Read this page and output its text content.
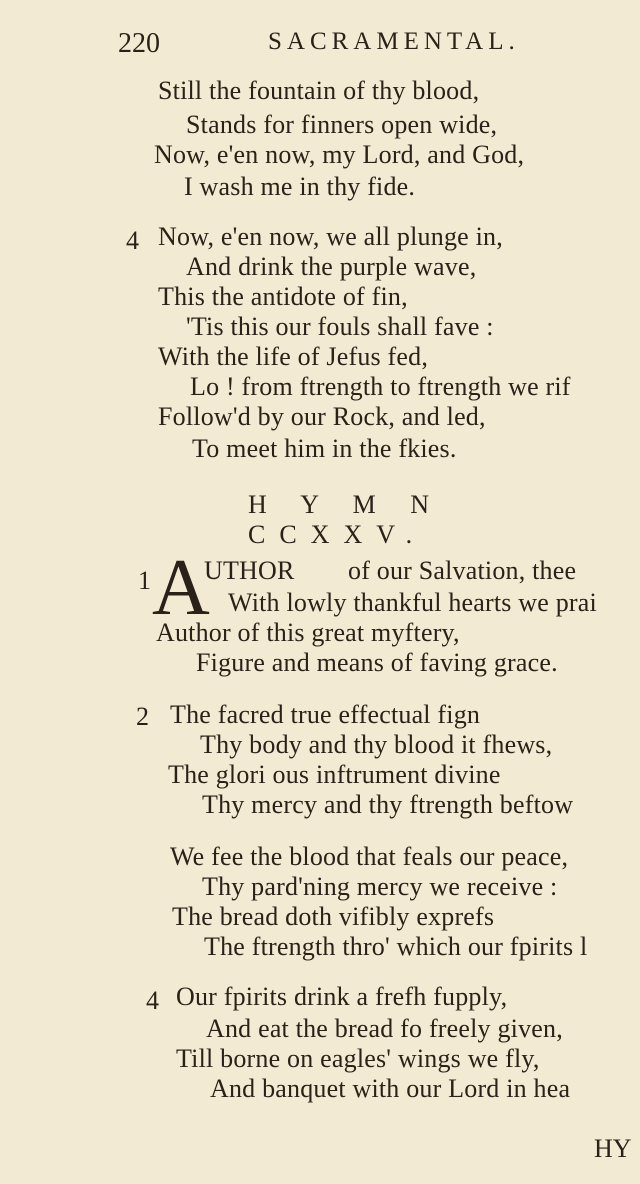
220	SACRAMENTAL.
Still the fountain of thy blood,
Stands for finners open wide,
Now, e'en now, my Lord, and God,
I wash me in thy fide.
4 Now, e'en now, we all plunge in,
And drink the purple wave,
This the antidote of fin,
'Tis this our fouls shall fave :
With the life of Jefus fed,
Lo ! from ftrength to ftrength we rif
Follow'd by our Rock, and led,
To meet him in the fkies.
H Y M N CCXXV.
1 A
UTHOR of our Salvation, thee
With lowly thankful hearts we prai
Author of this great myftery,
Figure and means of faving grace.
2 The facred true effectual fign
Thy body and thy blood it fhews,
The glori ous inftrument divine
Thy mercy and thy ftrength beftow
We fee the blood that feals our peace,
Thy pard'ning mercy we receive :
The bread doth vifibly exprefs
The ftrength thro' which our fpirits l
4 Our fpirits drink a frefh fupply,
And eat the bread fo freely given,
Till borne on eagles' wings we fly,
And banquet with our Lord in hea
HY
